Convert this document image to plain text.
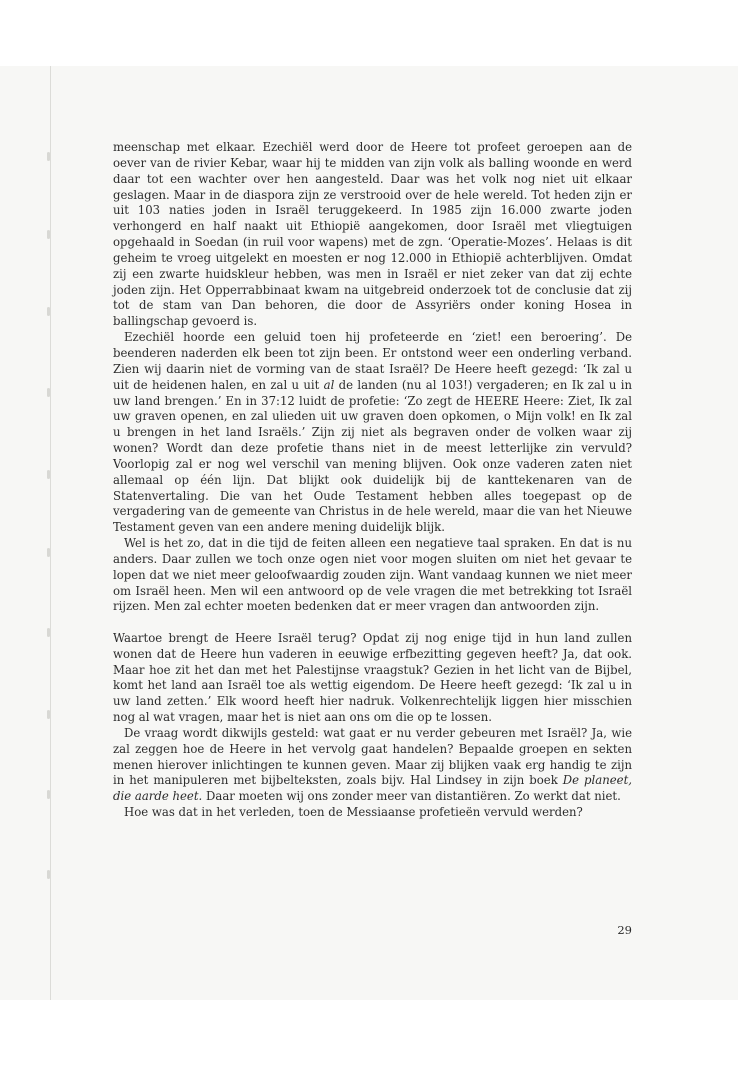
meenschap met elkaar. Ezechiël werd door de Heere tot profeet geroepen aan de oever van de rivier Kebar, waar hij te midden van zijn volk als balling woonde en werd daar tot een wachter over hen aangesteld. Daar was het volk nog niet uit elkaar geslagen. Maar in de diaspora zijn ze verstrooid over de hele wereld. Tot heden zijn er uit 103 naties joden in Israël teruggekeerd. In 1985 zijn 16.000 zwarte joden verhongerd en half naakt uit Ethiopië aangekomen, door Israël met vliegtuigen opgehaald in Soedan (in ruil voor wapens) met de zgn. ‘Operatie-Mozes’. Helaas is dit geheim te vroeg uitgelekt en moesten er nog 12.000 in Ethiopië achterblijven. Omdat zij een zwarte huidskleur hebben, was men in Israël er niet zeker van dat zij echte joden zijn. Het Opperrabbinaat kwam na uitgebreid onderzoek tot de conclusie dat zij tot de stam van Dan behoren, die door de Assyriërs onder koning Hosea in ballingschap gevoerd is.

Ezechiël hoorde een geluid toen hij profeteerde en ‘ziet! een beroering’. De beenderen naderden elk been tot zijn been. Er ontstond weer een onderling verband. Zien wij daarin niet de vorming van de staat Israël? De Heere heeft gezegd: ‘Ik zal u uit de heidenen halen, en zal u uit al de landen (nu al 103!) vergaderen; en Ik zal u in uw land brengen.’ En in 37:12 luidt de profetie: ‘Zo zegt de HEERE Heere: Ziet, Ik zal uw graven openen, en zal ulieden uit uw graven doen opkomen, o Mijn volk! en Ik zal u brengen in het land Israëls.’ Zijn zij niet als begraven onder de volken waar zij wonen? Wordt dan deze profetie thans niet in de meest letterlijke zin vervuld? Voorlopig zal er nog wel verschil van mening blijven. Ook onze vaderen zaten niet allemaal op één lijn. Dat blijkt ook duidelijk bij de kanttekenaren van de Statenvertaling. Die van het Oude Testament hebben alles toegepast op de vergadering van de gemeente van Christus in de hele wereld, maar die van het Nieuwe Testament geven van een andere mening duidelijk blijk.

Wel is het zo, dat in die tijd de feiten alleen een negatieve taal spraken. En dat is nu anders. Daar zullen we toch onze ogen niet voor mogen sluiten om niet het gevaar te lopen dat we niet meer geloofwaardig zouden zijn. Want vandaag kunnen we niet meer om Israël heen. Men wil een antwoord op de vele vragen die met betrekking tot Israël rijzen. Men zal echter moeten bedenken dat er meer vragen dan antwoorden zijn.

Waartoe brengt de Heere Israël terug? Opdat zij nog enige tijd in hun land zullen wonen dat de Heere hun vaderen in eeuwige erfbezitting gegeven heeft? Ja, dat ook. Maar hoe zit het dan met het Palestijnse vraagstuk? Gezien in het licht van de Bijbel, komt het land aan Israël toe als wettig eigendom. De Heere heeft gezegd: ‘Ik zal u in uw land zetten.’ Elk woord heeft hier nadruk. Volkenrechtelijk liggen hier misschien nog al wat vragen, maar het is niet aan ons om die op te lossen.

De vraag wordt dikwijls gesteld: wat gaat er nu verder gebeuren met Israël? Ja, wie zal zeggen hoe de Heere in het vervolg gaat handelen? Bepaalde groepen en sekten menen hierover inlichtingen te kunnen geven. Maar zij blijken vaak erg handig te zijn in het manipuleren met bijbelteksten, zoals bijv. Hal Lindsey in zijn boek De planeet, die aarde heet. Daar moeten wij ons zonder meer van distantiëren. Zo werkt dat niet.

Hoe was dat in het verleden, toen de Messiaanse profetieën vervuld werden?

29
